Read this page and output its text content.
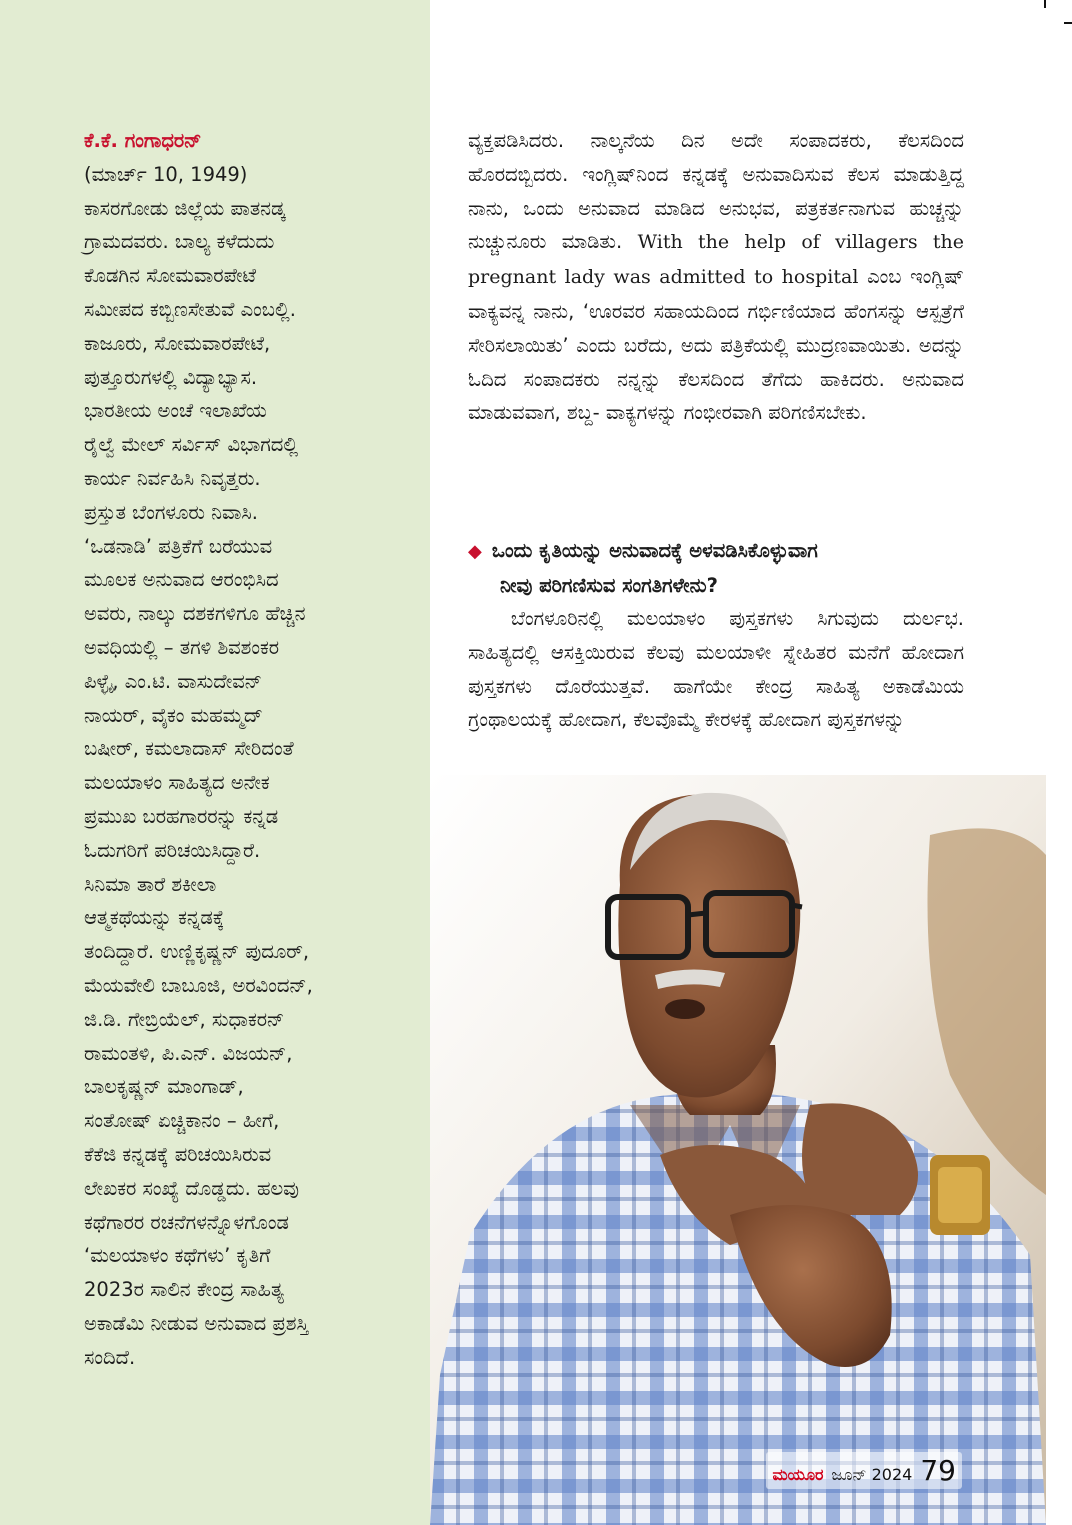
ಕೆ.ಕೆ. ಗಂಗಾಧರನ್
(ಮಾರ್ಚ್ 10, 1949)
ಕಾಸರಗೋಡು ಜಿಲ್ಲೆಯ ಪಾತನಡ್ಕ
ಗ್ರಾಮದವರು. ಬಾಲ್ಯ ಕಳೆದುದು
ಕೊಡಗಿನ ಸೋಮವಾರಪೇಟೆ
ಸಮೀಪದ ಕಬ್ಬಿಣಸೇತುವೆ ಎಂಬಲ್ಲಿ.
ಕಾಜೂರು, ಸೋಮವಾರಪೇಟೆ,
ಪುತ್ತೂರುಗಳಲ್ಲಿ ವಿದ್ಯಾಭ್ಯಾಸ.
ಭಾರತೀಯ ಅಂಚೆ ಇಲಾಖೆಯ
ರೈಲ್ವೆ ಮೇಲ್ ಸರ್ವಿಸ್ ವಿಭಾಗದಲ್ಲಿ
ಕಾರ್ಯ ನಿರ್ವಹಿಸಿ ನಿವೃತ್ತರು.
ಪ್ರಸ್ತುತ ಬೆಂಗಳೂರು ನಿವಾಸಿ.
‘ಒಡನಾಡಿ’ ಪತ್ರಿಕೆಗೆ ಬರೆಯುವ
ಮೂಲಕ ಅನುವಾದ ಆರಂಭಿಸಿದ
ಅವರು, ನಾಲ್ಕು ದಶಕಗಳಿಗೂ ಹೆಚ್ಚಿನ
ಅವಧಿಯಲ್ಲಿ – ತಗಳಿ ಶಿವಶಂಕರ
ಪಿಳ್ಳೈ, ಎಂ.ಟಿ. ವಾಸುದೇವನ್
ನಾಯರ್, ವೈಕಂ ಮಹಮ್ಮದ್
ಬಷೀರ್, ಕಮಲಾದಾಸ್ ಸೇರಿದಂತೆ
ಮಲಯಾಳಂ ಸಾಹಿತ್ಯದ ಅನೇಕ
ಪ್ರಮುಖ ಬರಹಗಾರರನ್ನು ಕನ್ನಡ
ಓದುಗರಿಗೆ ಪರಿಚಯಿಸಿದ್ದಾರೆ.
ಸಿನಿಮಾ ತಾರೆ ಶಕೀಲಾ
ಆತ್ಮಕಥೆಯನ್ನು ಕನ್ನಡಕ್ಕೆ
ತಂದಿದ್ದಾರೆ. ಉಣ್ಣಿಕೃಷ್ಣನ್ ಪುದೂರ್,
ಮೆಯವೇಲಿ ಬಾಬೂಜಿ, ಅರವಿಂದನ್,
ಜಿ.ಡಿ. ಗೇಬ್ರಿಯೆಲ್, ಸುಧಾಕರನ್
ರಾಮಂತಳಿ, ಪಿ.ಎನ್. ವಿಜಯನ್,
ಬಾಲಕೃಷ್ಣನ್ ಮಾಂಗಾಡ್,
ಸಂತೋಷ್ ಏಚ್ಚಿಕಾನಂ – ಹೀಗೆ,
ಕೆಕೆಜಿ ಕನ್ನಡಕ್ಕೆ ಪರಿಚಯಿಸಿರುವ
ಲೇಖಕರ ಸಂಖ್ಯೆ ದೊಡ್ಡದು. ಹಲವು
ಕಥೆಗಾರರ ರಚನೆಗಳನ್ನೊಳಗೊಂಡ
‘ಮಲಯಾಳಂ ಕಥೆಗಳು’ ಕೃತಿಗೆ
2023ರ ಸಾಲಿನ ಕೇಂದ್ರ ಸಾಹಿತ್ಯ
ಅಕಾಡೆಮಿ ನೀಡುವ ಅನುವಾದ ಪ್ರಶಸ್ತಿ
ಸಂದಿದೆ.
ವ್ಯಕ್ತಪಡಿಸಿದರು. ನಾಲ್ಕನೆಯ ದಿನ ಅದೇ ಸಂಪಾದಕರು, ಕೆಲಸದಿಂದ ಹೊರದಬ್ಬಿದರು. ಇಂಗ್ಲಿಷ್‌ನಿಂದ ಕನ್ನಡಕ್ಕೆ ಅನುವಾದಿಸುವ ಕೆಲಸ ಮಾಡುತ್ತಿದ್ದ ನಾನು, ಒಂದು ಅನುವಾದ ಮಾಡಿದ ಅನುಭವ, ಪತ್ರಕರ್ತನಾಗುವ ಹುಚ್ಚನ್ನು ನುಚ್ಚುನೂರು ಮಾಡಿತು. With the help of villagers the pregnant lady was admitted to hospital ಎಂಬ ಇಂಗ್ಲಿಷ್ ವಾಕ್ಯವನ್ನ ನಾನು, ‘ಊರವರ ಸಹಾಯದಿಂದ ಗರ್ಭಿಣಿಯಾದ ಹೆಂಗಸನ್ನು ಆಸ್ಪತ್ರೆಗೆ ಸೇರಿಸಲಾಯಿತು’ ಎಂದು ಬರೆದು, ಅದು ಪತ್ರಿಕೆಯಲ್ಲಿ ಮುದ್ರಣವಾಯಿತು. ಅದನ್ನು ಓದಿದ ಸಂಪಾದಕರು ನನ್ನನ್ನು ಕೆಲಸದಿಂದ ತೆಗೆದು ಹಾಕಿದರು. ಅನುವಾದ ಮಾಡುವವಾಗ, ಶಬ್ದ- ವಾಕ್ಯಗಳನ್ನು ಗಂಭೀರವಾಗಿ ಪರಿಗಣಿಸಬೇಕು.
◆ ಒಂದು ಕೃತಿಯನ್ನು ಅನುವಾದಕ್ಕೆ ಅಳವಡಿಸಿಕೊಳ್ಳುವಾಗ
ನೀವು ಪರಿಗಣಿಸುವ ಸಂಗತಿಗಳೇನು?
ಬೆಂಗಳೂರಿನಲ್ಲಿ ಮಲಯಾಳಂ ಪುಸ್ತಕಗಳು ಸಿಗುವುದು ದುರ್ಲಭ. ಸಾಹಿತ್ಯದಲ್ಲಿ ಆಸಕ್ತಿಯಿರುವ ಕೆಲವು ಮಲಯಾಳೀ ಸ್ನೇಹಿತರ ಮನೆಗೆ ಹೋದಾಗ ಪುಸ್ತಕಗಳು ದೊರೆಯುತ್ತವೆ. ಹಾಗೆಯೇ ಕೇಂದ್ರ ಸಾಹಿತ್ಯ ಅಕಾಡೆಮಿಯ ಗ್ರಂಥಾಲಯಕ್ಕೆ ಹೋದಾಗ, ಕೆಲವೊಮ್ಮೆ ಕೇರಳಕ್ಕೆ ಹೋದಾಗ ಪುಸ್ತಕಗಳನ್ನು
ಮಯೂರ ಜೂನ್ 2024 79
